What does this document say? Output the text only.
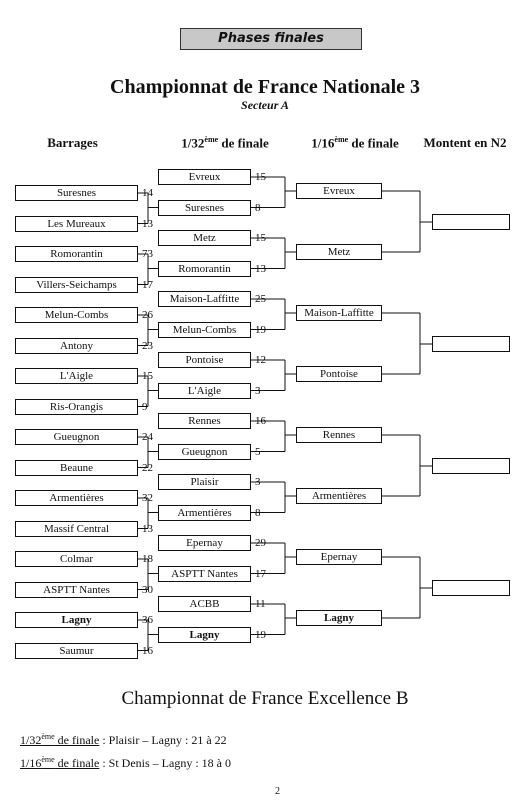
Phases finales
Championnat de France Nationale 3
Secteur A
Barrages	1/32ème de finale	1/16ème de finale	Montent en N2
Suresnes	14
Les Mureaux	13
Romorantin	73
Villers-Seichamps	17
Melun-Combs	26
Antony	23
L'Aigle	15
Ris-Orangis	9
Gueugnon	24
Beaune	22
Armentières	32
Massif Central	13
Colmar	18
ASPTT Nantes	30
Lagny	36
Saumur	16
Evreux	15
Suresnes	8
Metz	15
Romorantin	13
Maison-Laffitte	25
Melun-Combs	19
Pontoise	12
L'Aigle	3
Rennes	16
Gueugnon	5
Plaisir	3
Armentières	8
Epernay	29
ASPTT Nantes	17
ACBB	11
Lagny	19
Evreux
Metz
Maison-Laffitte
Pontoise
Rennes
Armentières
Epernay
Lagny
Championnat de France Excellence B
1/32ème de finale : Plaisir – Lagny : 21 à 22
1/16ème de finale : St Denis – Lagny : 18 à 0
2
